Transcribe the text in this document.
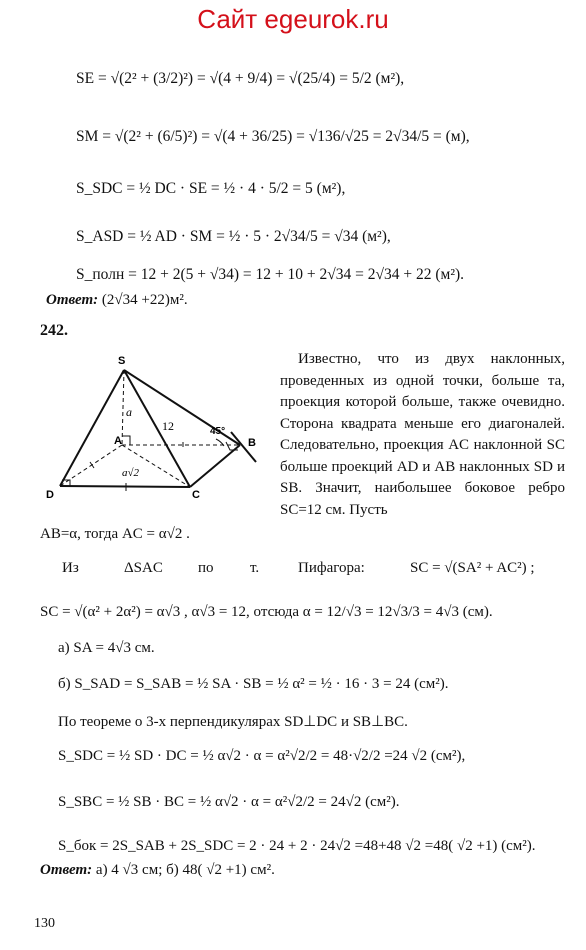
Сайт egeurok.ru
SE = √(2² + (3/2)²) = √(4 + 9/4) = √(25/4) = 5/2 (м²),
SM = √(2² + (6/5)²) = √(4 + 36/25) = √136/√25 = 2√34/5 = (м),
S_SDC = ½ DC · SE = ½ · 4 · 5/2 = 5 (м²),
S_ASD = ½ AD · SM = ½ · 5 · 2√34/5 = √34 (м²),
S_полн = 12 + 2(5 + √34) = 12 + 10 + 2√34 = 2√34 + 22 (м²).
Ответ: (2√34 +22)м².
242.
S
A	B
C
D
a
12	45°
a√2
Известно, что из двух наклонных, проведенных из одной точки, больше та, проекция которой больше, также очевидно. Сторона квадрата меньше его диагоналей. Следовательно, проекция AC наклонной SC больше проекций AD и AB наклонных SD и SB. Значит, наибольшее боковое ребро SC=12 см. Пусть
AB=α, тогда AC = α√2 .
Из	ΔSAC по т.	Пифагора:	SC = √(SA² + AC²) ;
SC = √(α² + 2α²) = α√3 , α√3 = 12, отсюда α = 12/√3 = 12√3/3 = 4√3 (см).
а) SA = 4√3 см.
б) S_SAD = S_SAB = ½ SA · SB = ½ α² = ½ · 16 · 3 = 24 (см²).
По теореме о 3-х перпендикулярах SD⊥DC и SB⊥BC.
S_SDC = ½ SD · DC = ½ α√2 · α = α²√2/2 = 48·√2/2 =24 √2 (см²),
S_SBC = ½ SB · BC = ½ α√2 · α = α²√2/2 = 24√2 (см²).
S_бок = 2S_SAB + 2S_SDC = 2 · 24 + 2 · 24√2 =48+48 √2 =48( √2 +1) (см²).
Ответ: а) 4 √3 см; б) 48( √2 +1) см².
130
